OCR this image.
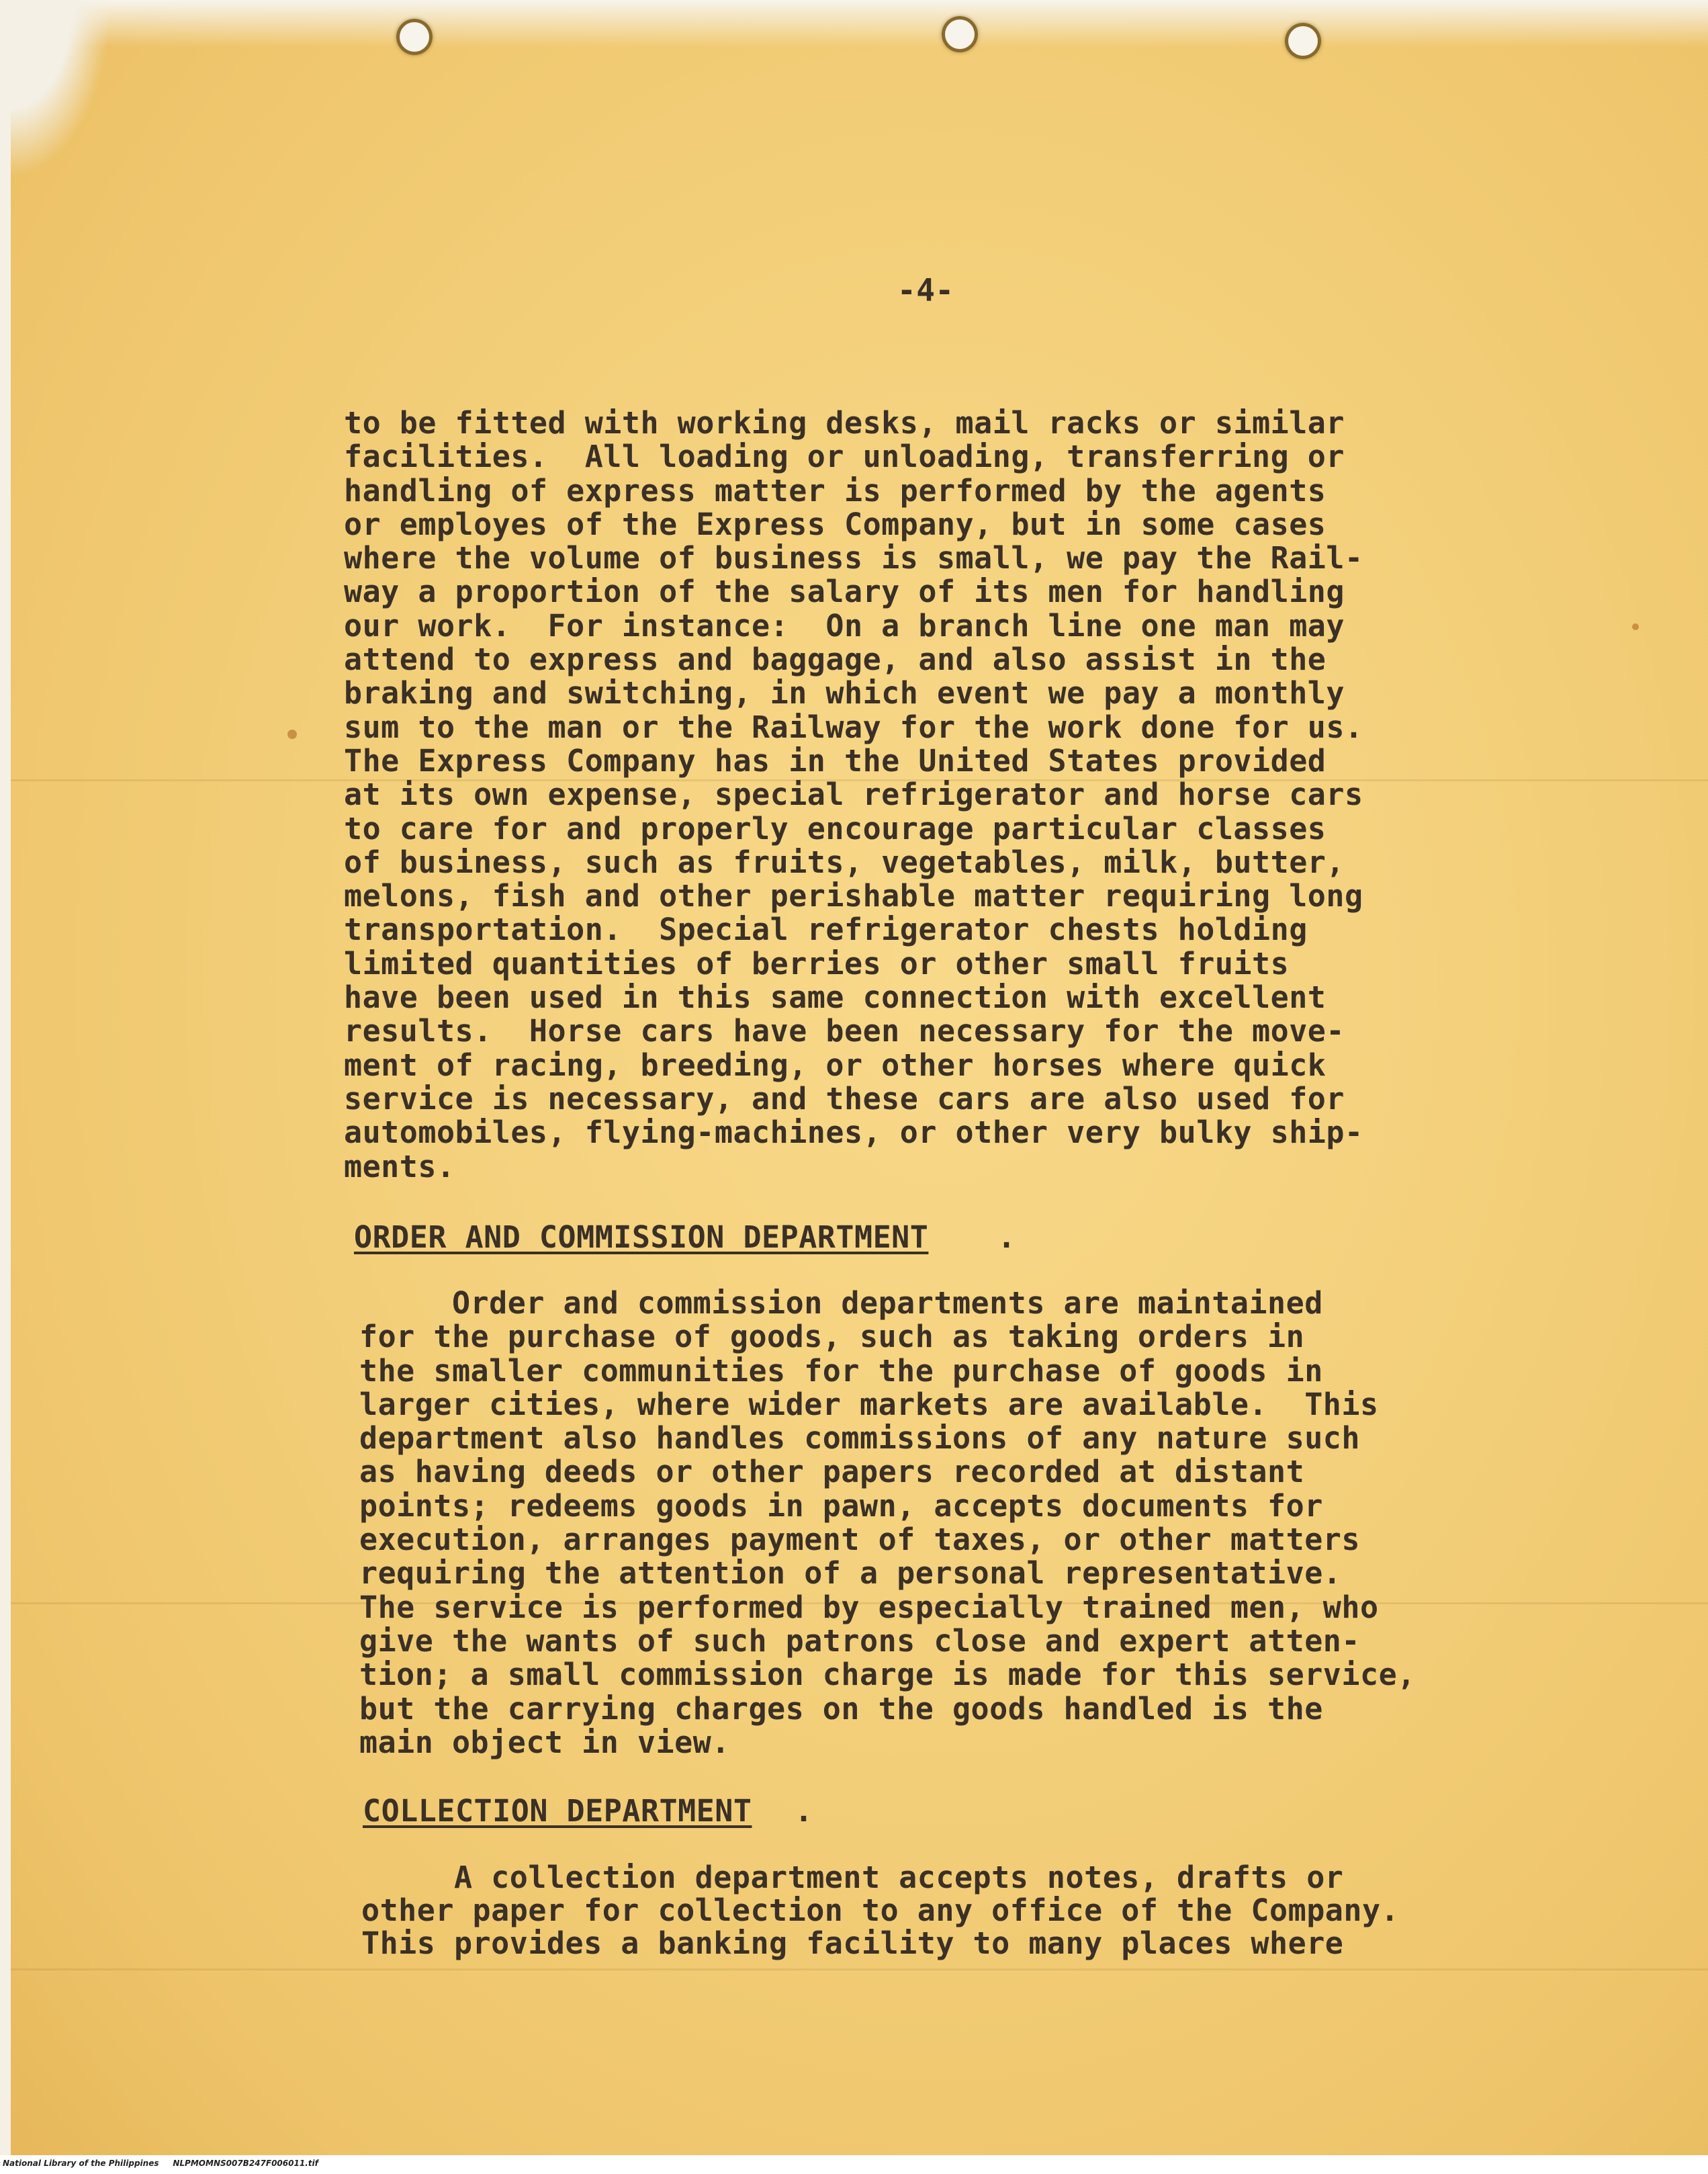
-4-
to be fitted with working desks, mail racks or similar
facilities.  All loading or unloading, transferring or
handling of express matter is performed by the agents
or employes of the Express Company, but in some cases
where the volume of business is small, we pay the Rail-
way a proportion of the salary of its men for handling
our work.  For instance:  On a branch line one man may
attend to express and baggage, and also assist in the
braking and switching, in which event we pay a monthly
sum to the man or the Railway for the work done for us.
The Express Company has in the United States provided
at its own expense, special refrigerator and horse cars
to care for and properly encourage particular classes
of business, such as fruits, vegetables, milk, butter,
melons, fish and other perishable matter requiring long
transportation.  Special refrigerator chests holding
limited quantities of berries or other small fruits
have been used in this same connection with excellent
results.  Horse cars have been necessary for the move-
ment of racing, breeding, or other horses where quick
service is necessary, and these cars are also used for
automobiles, flying-machines, or other very bulky ship-
ments.
ORDER AND COMMISSION DEPARTMENT .
Order and commission departments are maintained
for the purchase of goods, such as taking orders in
the smaller communities for the purchase of goods in
larger cities, where wider markets are available.  This
department also handles commissions of any nature such
as having deeds or other papers recorded at distant
points; redeems goods in pawn, accepts documents for
execution, arranges payment of taxes, or other matters
requiring the attention of a personal representative.
The service is performed by especially trained men, who
give the wants of such patrons close and expert atten-
tion; a small commission charge is made for this service,
but the carrying charges on the goods handled is the
main object in view.
COLLECTION DEPARTMENT .
A collection department accepts notes, drafts or
other paper for collection to any office of the Company.
This provides a banking facility to many places where
National Library of the Philippines     NLPMOMNS007B247F006011.tif
